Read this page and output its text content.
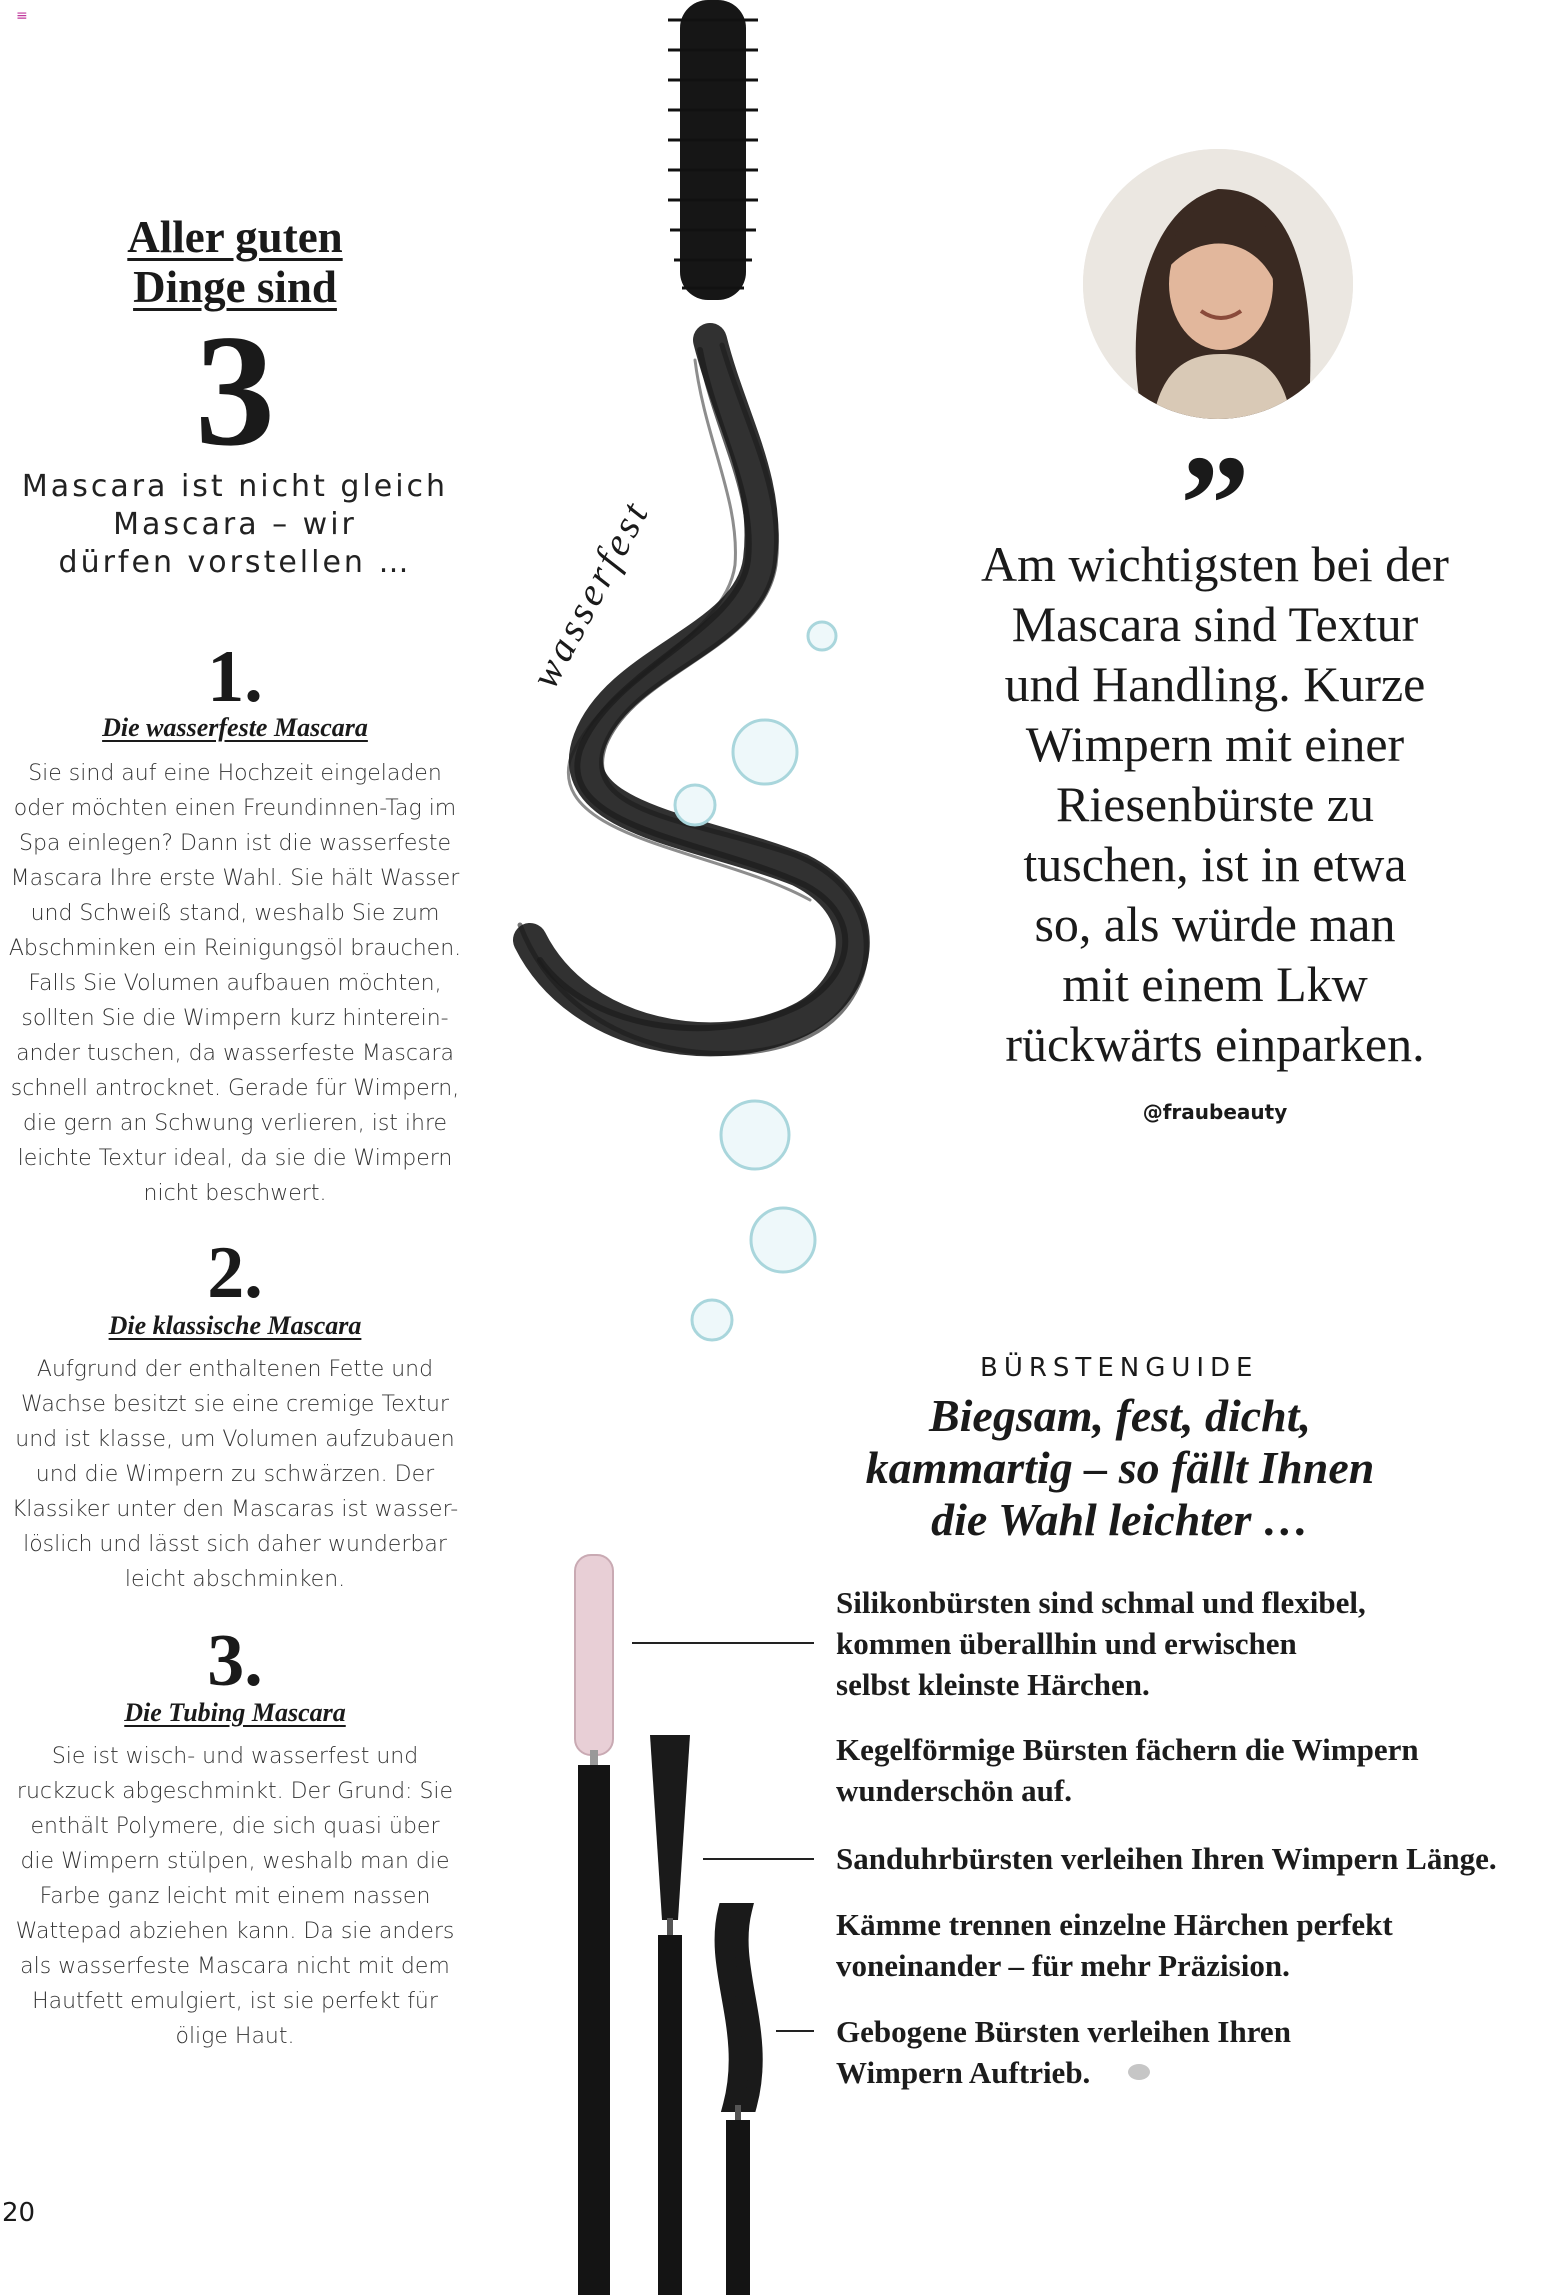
≡
Aller guten
Dinge sind
3
Mascara ist nicht gleich
Mascara – wir
dürfen vorstellen …
1.
Die wasserfeste Mascara
Sie sind auf eine Hochzeit eingeladen
oder möchten einen Freundinnen-Tag im
Spa einlegen? Dann ist die wasserfeste
Mascara Ihre erste Wahl. Sie hält Wasser
und Schweiß stand, weshalb Sie zum
Abschminken ein Reinigungsöl brauchen.
Falls Sie Volumen aufbauen möchten,
sollten Sie die Wimpern kurz hinterein-
ander tuschen, da wasserfeste Mascara
schnell antrocknet. Gerade für Wimpern,
die gern an Schwung verlieren, ist ihre
leichte Textur ideal, da sie die Wimpern
nicht beschwert.
2.
Die klassische Mascara
Aufgrund der enthaltenen Fette und
Wachse besitzt sie eine cremige Textur
und ist klasse, um Volumen aufzubauen
und die Wimpern zu schwärzen. Der
Klassiker unter den Mascaras ist wasser-
löslich und lässt sich daher wunderbar
leicht abschminken.
3.
Die Tubing Mascara
Sie ist wisch- und wasserfest und
ruckzuck abgeschminkt. Der Grund: Sie
enthält Polymere, die sich quasi über
die Wimpern stülpen, weshalb man die
Farbe ganz leicht mit einem nassen
Wattepad abziehen kann. Da sie anders
als wasserfeste Mascara nicht mit dem
Hautfett emulgiert, ist sie perfekt für
ölige Haut.
20
wasserfest	”
Am wichtigsten bei der
Mascara sind Textur
und Handling. Kurze
Wimpern mit einer
Riesenbürste zu
tuschen, ist in etwa
so, als würde man
mit einem Lkw
rückwärts einparken.
@fraubeauty
BÜRSTENGUIDE
Biegsam, fest, dicht,
kammartig – so fällt Ihnen
die Wahl leichter …
Silikonbürsten sind schmal und flexibel,
kommen überallhin und erwischen
selbst kleinste Härchen.
Kegelförmige Bürsten fächern die Wimpern
wunderschön auf.
Sanduhrbürsten verleihen Ihren Wimpern Länge.
Kämme trennen einzelne Härchen perfekt
voneinander – für mehr Präzision.
Gebogene Bürsten verleihen Ihren
Wimpern Auftrieb.
